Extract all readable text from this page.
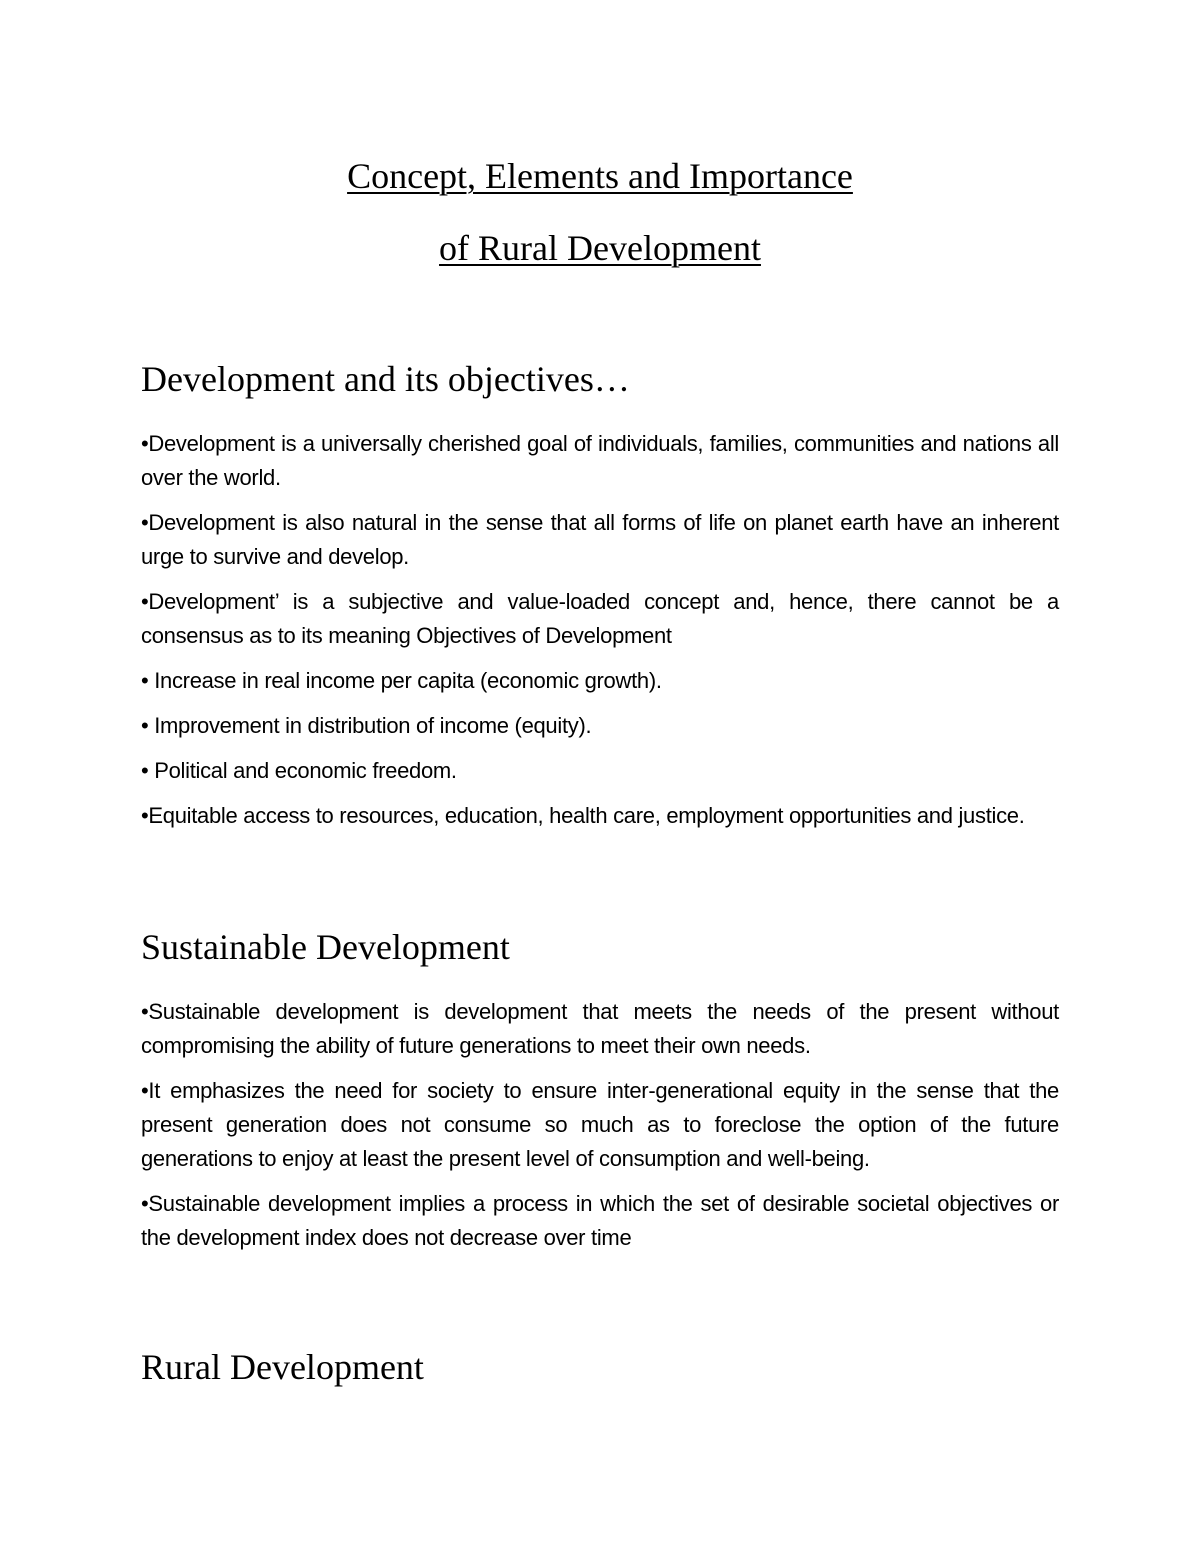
Concept, Elements and Importance
of Rural Development
Development and its objectives…

•Development is a universally cherished goal of individuals, families, communities and nations all over the world.

•Development is also natural in the sense that all forms of life on planet earth have an inherent urge to survive and develop.

•Development’ is a subjective and value-loaded concept and, hence, there cannot be a consensus as to its meaning Objectives of Development

• Increase in real income per capita (economic growth).

• Improvement in distribution of income (equity).

• Political and economic freedom.

•Equitable access to resources, education, health care, employment opportunities and justice.

Sustainable Development

•Sustainable development is development that meets the needs of the present without compromising the ability of future generations to meet their own needs.

•It emphasizes the need for society to ensure inter-generational equity in the sense that the present generation does not consume so much as to foreclose the option of the future generations to enjoy at least the present level of consumption and well-being.

•Sustainable development implies a process in which the set of desirable societal objectives or the development index does not decrease over time

Rural Development
